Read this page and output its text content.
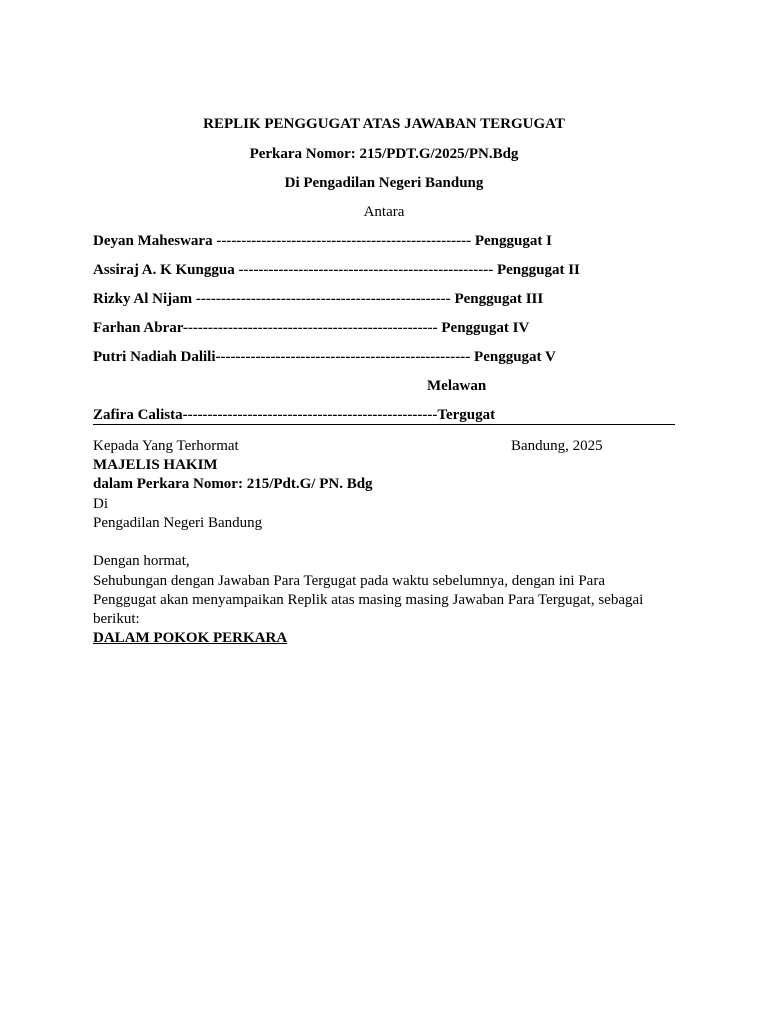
REPLIK PENGGUGAT ATAS JAWABAN TERGUGAT
Perkara Nomor: 215/PDT.G/2025/PN.Bdg
Di Pengadilan Negeri Bandung
Antara
Deyan Maheswara --------------------------------------------------- Penggugat I
Assiraj A. K Kunggua --------------------------------------------------- Penggugat II
Rizky Al Nijam --------------------------------------------------- Penggugat III
Farhan Abrar--------------------------------------------------- Penggugat IV
Putri Nadiah Dalili--------------------------------------------------- Penggugat V
Melawan
Zafira Calista---------------------------------------------------Tergugat
Kepada Yang Terhormat	Bandung, 2025
MAJELIS HAKIM
dalam Perkara Nomor: 215/Pdt.G/ PN. Bdg
Di
Pengadilan Negeri Bandung
Dengan hormat,
Sehubungan dengan Jawaban Para Tergugat pada waktu sebelumnya, dengan ini Para
Penggugat akan menyampaikan Replik atas masing masing Jawaban Para Tergugat, sebagai
berikut:
DALAM POKOK PERKARA
